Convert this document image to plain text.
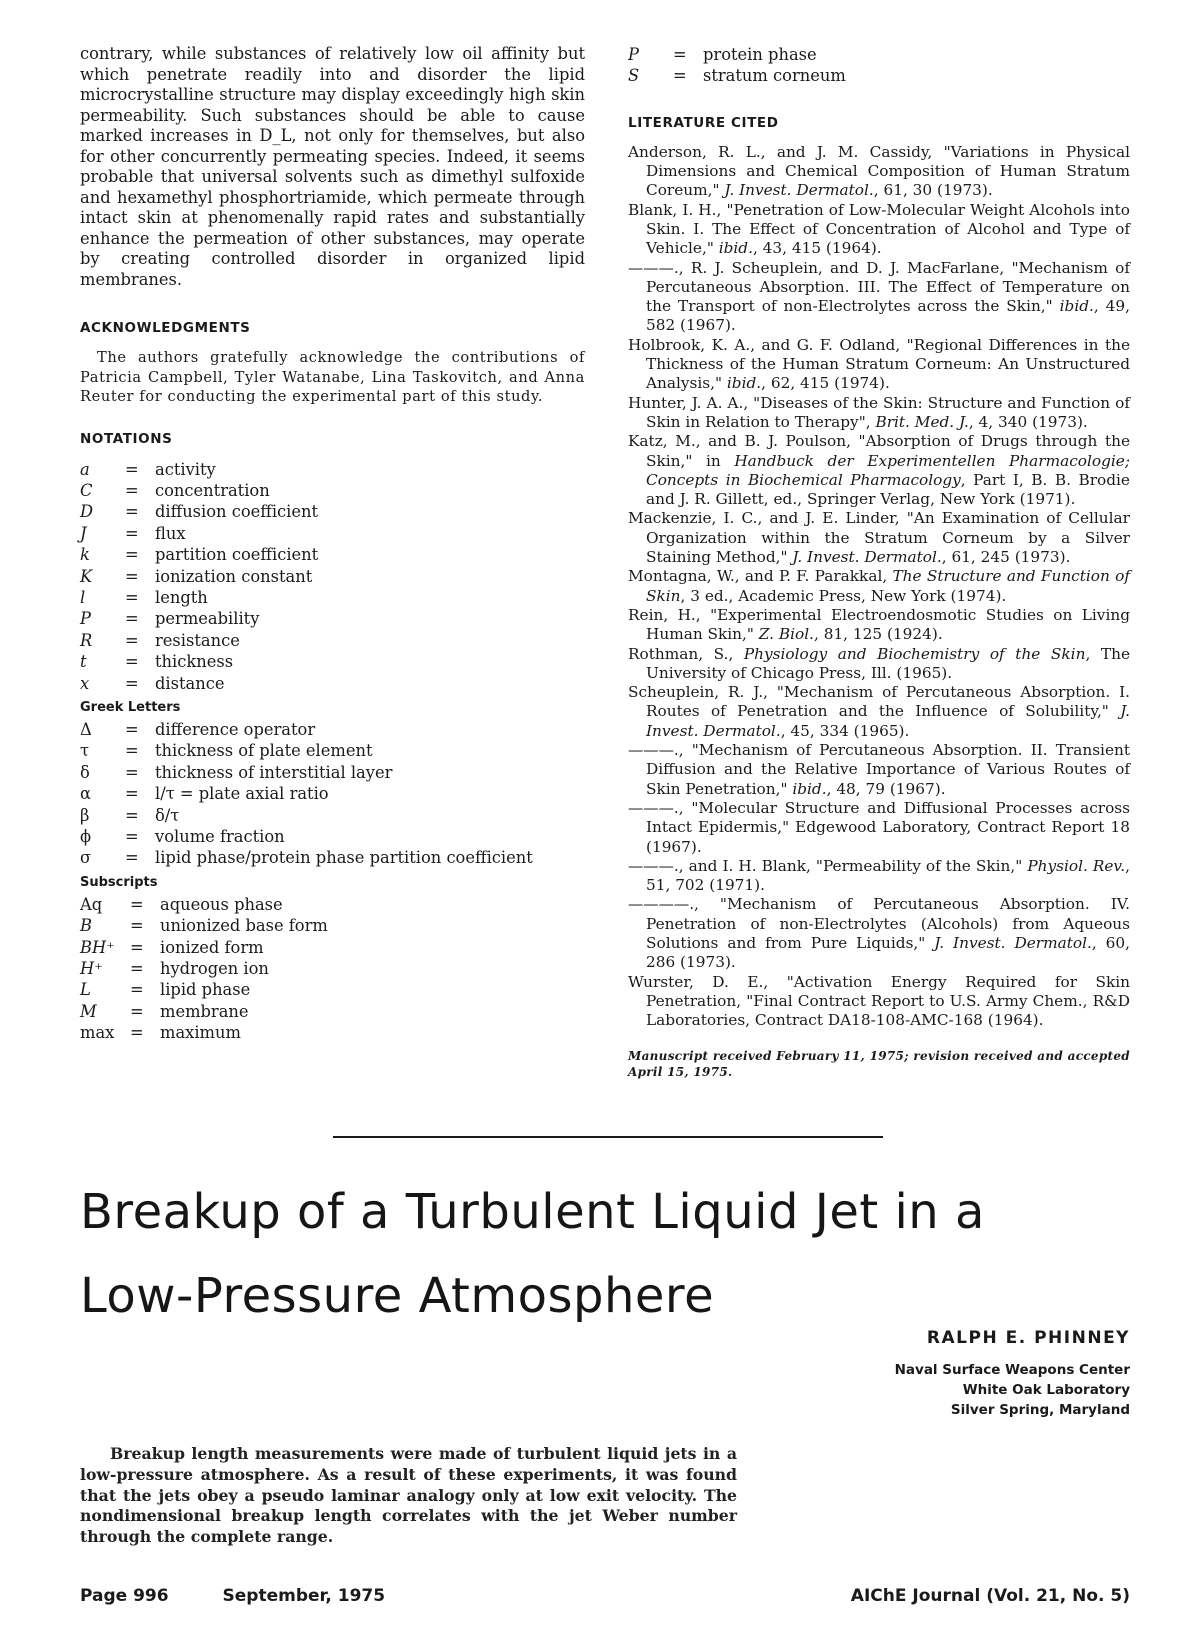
contrary, while substances of relatively low oil affinity but which penetrate readily into and disorder the lipid microcrystalline structure may display exceedingly high skin permeability. Such substances should be able to cause marked increases in D_L, not only for themselves, but also for other concurrently permeating species. Indeed, it seems probable that universal solvents such as dimethyl sulfoxide and hexamethyl phosphortriamide, which permeate through intact skin at phenomenally rapid rates and substantially enhance the permeation of other substances, may operate by creating controlled disorder in organized lipid membranes.

ACKNOWLEDGMENTS

The authors gratefully acknowledge the contributions of Patricia Campbell, Tyler Watanabe, Lina Taskovitch, and Anna Reuter for conducting the experimental part of this study.

NOTATIONS

a	=	activity
C	=	concentration
D	=	diffusion coefficient
J	=	flux
k	=	partition coefficient
K	=	ionization constant
l	=	length
P	=	permeability
R	=	resistance
t	=	thickness
x	=	distance

Greek Letters

Δ	=	difference operator
τ	=	thickness of plate element
δ	=	thickness of interstitial layer
α	=	l/τ = plate axial ratio
β	=	δ/τ
ϕ	=	volume fraction
σ	=	lipid phase/protein phase partition coefficient

Subscripts

Aq	=	aqueous phase
B	=	unionized base form
BH⁺ =	ionized form
H⁺	=	hydrogen ion
L	=	lipid phase
M	=	membrane
max =	maximum
P	=	protein phase
S	=	stratum corneum

LITERATURE CITED

Anderson, R. L., and J. M. Cassidy, "Variations in Physical Dimensions and Chemical Composition of Human Stratum Coreum," J. Invest. Dermatol., 61, 30 (1973).

Blank, I. H., "Penetration of Low-Molecular Weight Alcohols into Skin. I. The Effect of Concentration of Alcohol and Type of Vehicle," ibid., 43, 415 (1964).

———., R. J. Scheuplein, and D. J. MacFarlane, "Mechanism of Percutaneous Absorption. III. The Effect of Temperature on the Transport of non-Electrolytes across the Skin," ibid., 49, 582 (1967).

Holbrook, K. A., and G. F. Odland, "Regional Differences in the Thickness of the Human Stratum Corneum: An Unstructured Analysis," ibid., 62, 415 (1974).

Hunter, J. A. A., "Diseases of the Skin: Structure and Function of Skin in Relation to Therapy", Brit. Med. J., 4, 340 (1973).

Katz, M., and B. J. Poulson, "Absorption of Drugs through the Skin," in Handbuck der Experimentellen Pharmacologie; Concepts in Biochemical Pharmacology, Part I, B. B. Brodie and J. R. Gillett, ed., Springer Verlag, New York (1971).

Mackenzie, I. C., and J. E. Linder, "An Examination of Cellular Organization within the Stratum Corneum by a Silver Staining Method," J. Invest. Dermatol., 61, 245 (1973).

Montagna, W., and P. F. Parakkal, The Structure and Function of Skin, 3 ed., Academic Press, New York (1974).

Rein, H., "Experimental Electroendosmotic Studies on Living Human Skin," Z. Biol., 81, 125 (1924).

Rothman, S., Physiology and Biochemistry of the Skin, The University of Chicago Press, Ill. (1965).

Scheuplein, R. J., "Mechanism of Percutaneous Absorption. I. Routes of Penetration and the Influence of Solubility," J. Invest. Dermatol., 45, 334 (1965).

———., "Mechanism of Percutaneous Absorption. II. Transient Diffusion and the Relative Importance of Various Routes of Skin Penetration," ibid., 48, 79 (1967).

———., "Molecular Structure and Diffusional Processes across Intact Epidermis," Edgewood Laboratory, Contract Report 18 (1967).

———., and I. H. Blank, "Permeability of the Skin," Physiol. Rev., 51, 702 (1971).

————., "Mechanism of Percutaneous Absorption. IV. Penetration of non-Electrolytes (Alcohols) from Aqueous Solutions and from Pure Liquids," J. Invest. Dermatol., 60, 286 (1973).

Wurster, D. E., "Activation Energy Required for Skin Penetration, "Final Contract Report to U.S. Army Chem., R&D Laboratories, Contract DA18-108-AMC-168 (1964).

Manuscript received February 11, 1975; revision received and accepted April 15, 1975.

Breakup of a Turbulent Liquid Jet in a
Low-Pressure Atmosphere

RALPH E. PHINNEY

Naval Surface Weapons Center

White Oak Laboratory

Silver Spring, Maryland

Breakup length measurements were made of turbulent liquid jets in a low-pressure atmosphere. As a result of these experiments, it was found that the jets obey a pseudo laminar analogy only at low exit velocity. The nondimensional breakup length correlates with the jet Weber number through the complete range.

Page 996	September, 1975	AIChE Journal (Vol. 21, No. 5)
